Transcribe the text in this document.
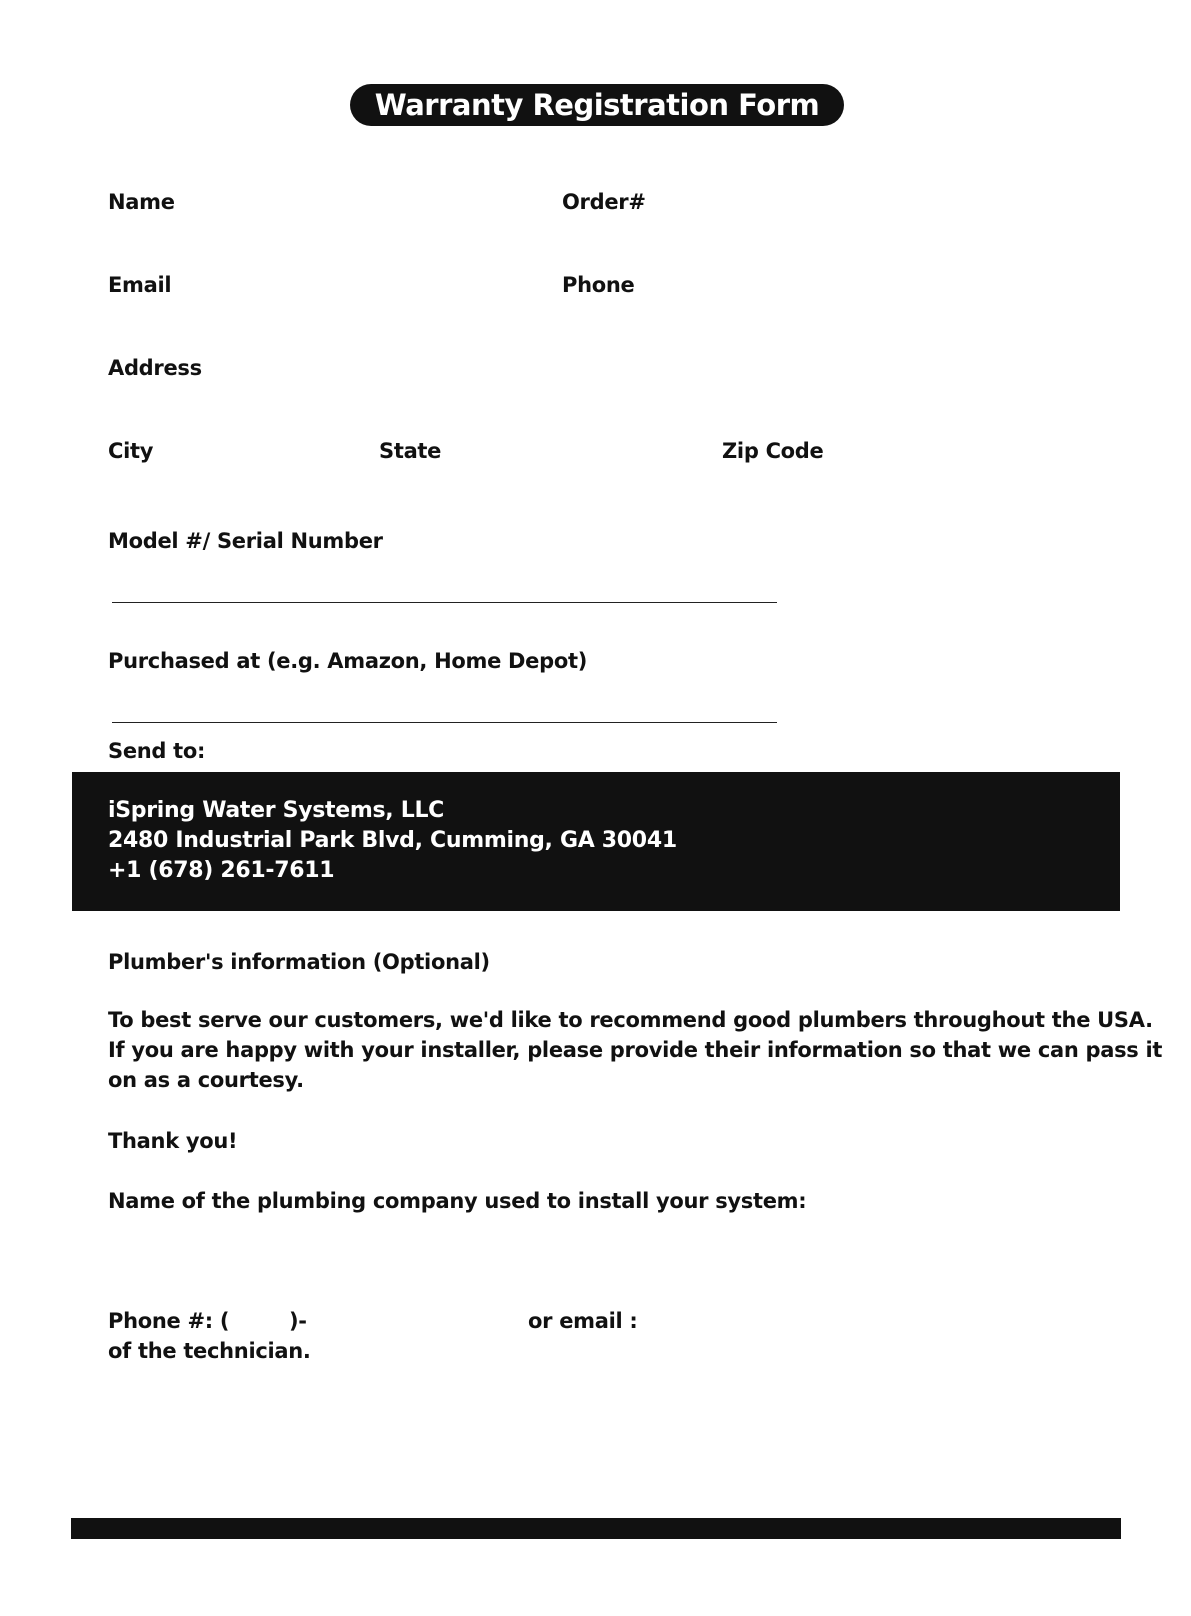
Warranty Registration Form
Name	Order#
Email	Phone
Address
City	State	Zip Code
Model #/ Serial Number
Purchased at (e.g. Amazon, Home Depot)
Send to:
iSpring Water Systems, LLC
2480 Industrial Park Blvd, Cumming, GA 30041
+1 (678) 261-7611
Plumber's information (Optional)
To best serve our customers, we'd like to recommend good plumbers throughout the USA.
If you are happy with your installer, please provide their information so that we can pass it
on as a courtesy.
Thank you!
Name of the plumbing company used to install your system:
Phone #: (	)-	or email :
of the technician.
